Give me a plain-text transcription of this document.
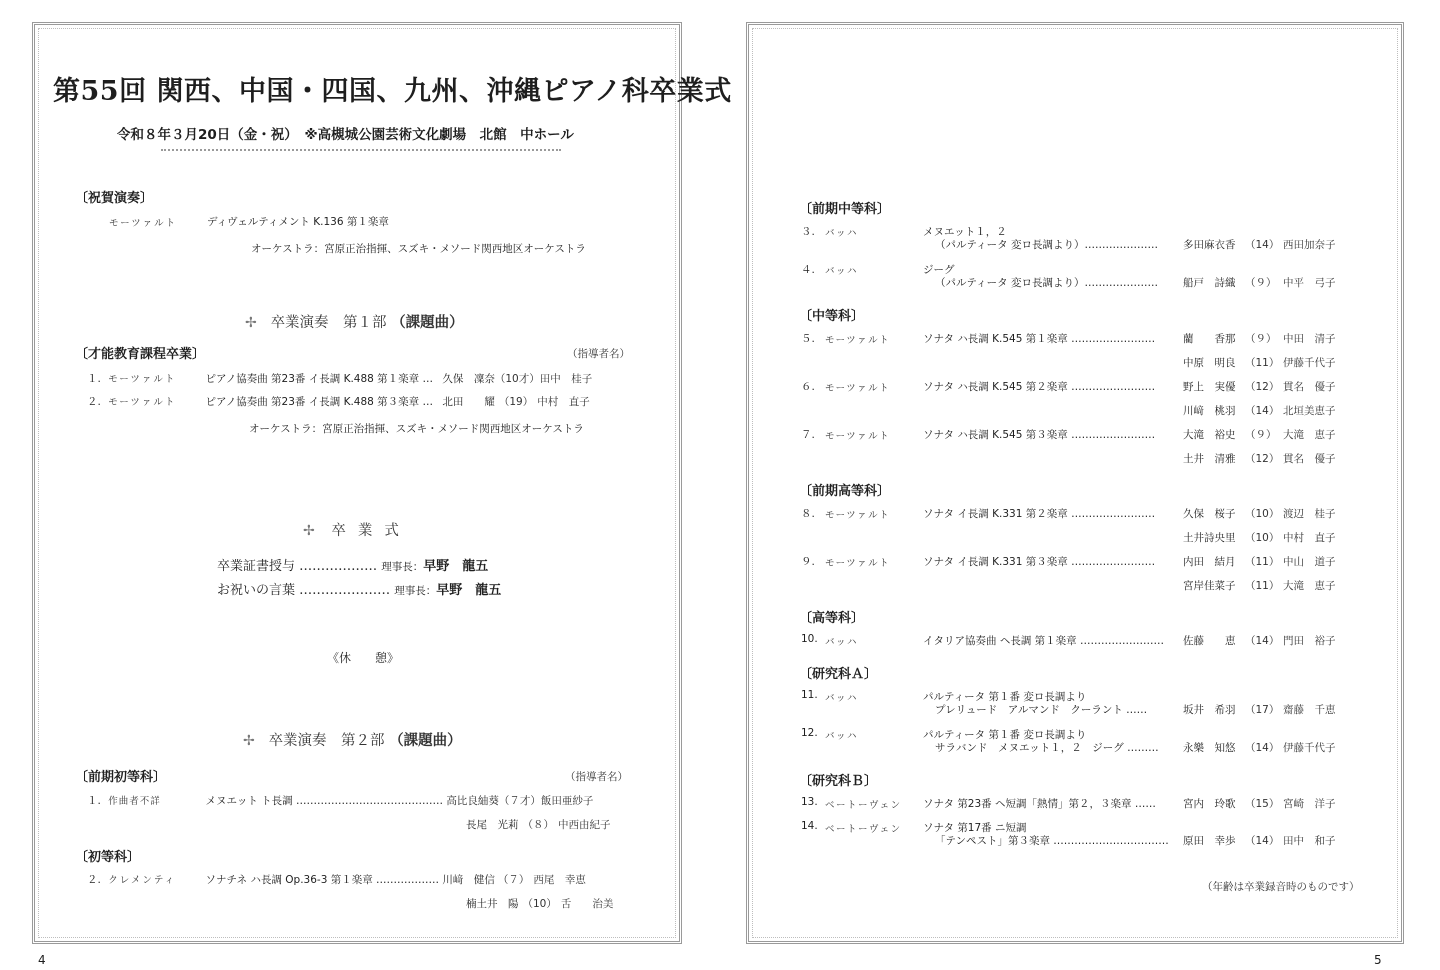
第55回 関西、中国・四国、九州、沖縄ピアノ科卒業式
令和８年３月20日（金・祝）　※高槻城公園芸術文化劇場　北館　中ホール
〔祝賀演奏〕
モーツァルト	ディヴェルティメント K.136 第１楽章
オーケストラ：宮原正治指揮、スズキ・メソード関西地区オーケストラ
✢ 卒業演奏　第１部 （課題曲）
〔才能教育課程卒業〕	（指導者名）
１. モーツァルト	ピアノ協奏曲 第23番 イ長調 K.488 第１楽章 … 久保　凜奈（10才）田中　桂子
２. モーツァルト	ピアノ協奏曲 第23番 イ長調 K.488 第３楽章 … 北田　　耀 （19） 中村　直子
オーケストラ：宮原正治指揮、スズキ・メソード関西地区オーケストラ
✢ 卒業式
卒業証書授与 ……………… 理事長：早野　龍五
お祝いの言葉 ………………… 理事長：早野　龍五
《休　　憩》
✢ 卒業演奏　第２部 （課題曲）
〔前期初等科〕	（指導者名）
１. 作曲者不詳	メヌエット ト長調 …………………………………… 高比良紬葵（７才）飯田亜紗子
長尾　光莉 （８） 中西由紀子
〔初等科〕
２. クレメンティ	ソナチネ ハ長調 Op.36-3 第１楽章 ……………… 川﨑　健信 （７） 西尾　幸恵
楠土井　陽 （10） 舌　　治美
4
〔前期中等科〕
３. バッハ	メヌエット１，２
（パルティータ 変ロ長調より）………………… 多田麻衣香 （14） 西田加奈子
４. バッハ	ジーグ
（パルティータ 変ロ長調より）………………… 船戸　詩織 （９） 中平　弓子
〔中等科〕
５. モーツァルト	ソナタ ハ長調 K.545 第１楽章 ……………………	藺　　香那 （９） 中田　清子
中原　明良 （11） 伊藤千代子
６. モーツァルト	ソナタ ハ長調 K.545 第２楽章 ……………………	野上　実優 （12） 貫名　優子
川﨑　桃羽 （14） 北垣美恵子
７. モーツァルト	ソナタ ハ長調 K.545 第３楽章 ……………………	大滝　裕史 （９） 大滝　恵子
土井　清雅 （12） 貫名　優子
〔前期高等科〕
８. モーツァルト	ソナタ イ長調 K.331 第２楽章 ……………………	久保　桜子 （10） 渡辺　桂子
土井詩央里 （10） 中村　直子
９. モーツァルト	ソナタ イ長調 K.331 第３楽章 ……………………	内田　結月 （11） 中山　道子
宮岸佳菜子 （11） 大滝　恵子
〔高等科〕
10. バッハ	イタリア協奏曲 ヘ長調 第１楽章 …………………… 佐藤　　恵 （14） 門田　裕子
〔研究科Ａ〕
11. バッハ	パルティータ 第１番 変ロ長調より
プレリュード　アルマンド　クーラント ……	坂井　希羽 （17） 齋藤　千恵
12. バッハ	パルティータ 第１番 変ロ長調より
サラバンド　メヌエット１，２　ジーグ ……… 永樂　知悠 （14） 伊藤千代子
〔研究科Ｂ〕
13. ベートーヴェン ソナタ 第23番 ヘ短調「熱情」第２，３楽章 ……	宮内　玲歌 （15） 宮崎　洋子
14. ベートーヴェン ソナタ 第17番 ニ短調
「テンペスト」第３楽章 …………………………… 原田　幸歩 （14） 田中　和子
（年齢は卒業録音時のものです）
5
